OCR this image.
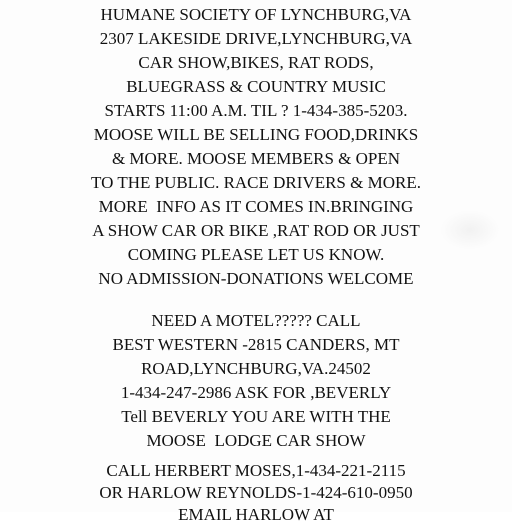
HUMANE SOCIETY OF LYNCHBURG,VA
2307 LAKESIDE DRIVE,LYNCHBURG,VA
CAR SHOW,BIKES, RAT RODS,
BLUEGRASS & COUNTRY MUSIC
STARTS 11:00 A.M. TIL ? 1-434-385-5203.
MOOSE WILL BE SELLING FOOD,DRINKS
& MORE. MOOSE MEMBERS & OPEN
TO THE PUBLIC. RACE DRIVERS & MORE.
MORE  INFO AS IT COMES IN.BRINGING
A SHOW CAR OR BIKE ,RAT ROD OR JUST
COMING PLEASE LET US KNOW.
NO ADMISSION-DONATIONS WELCOME
NEED A MOTEL????? CALL
BEST WESTERN -2815 CANDERS, MT
ROAD,LYNCHBURG,VA.24502
1-434-247-2986 ASK FOR ,BEVERLY
Tell BEVERLY YOU ARE WITH THE
MOOSE  LODGE CAR SHOW
CALL HERBERT MOSES,1-434-221-2115
OR HARLOW REYNOLDS-1-424-610-0950
EMAIL HARLOW AT
